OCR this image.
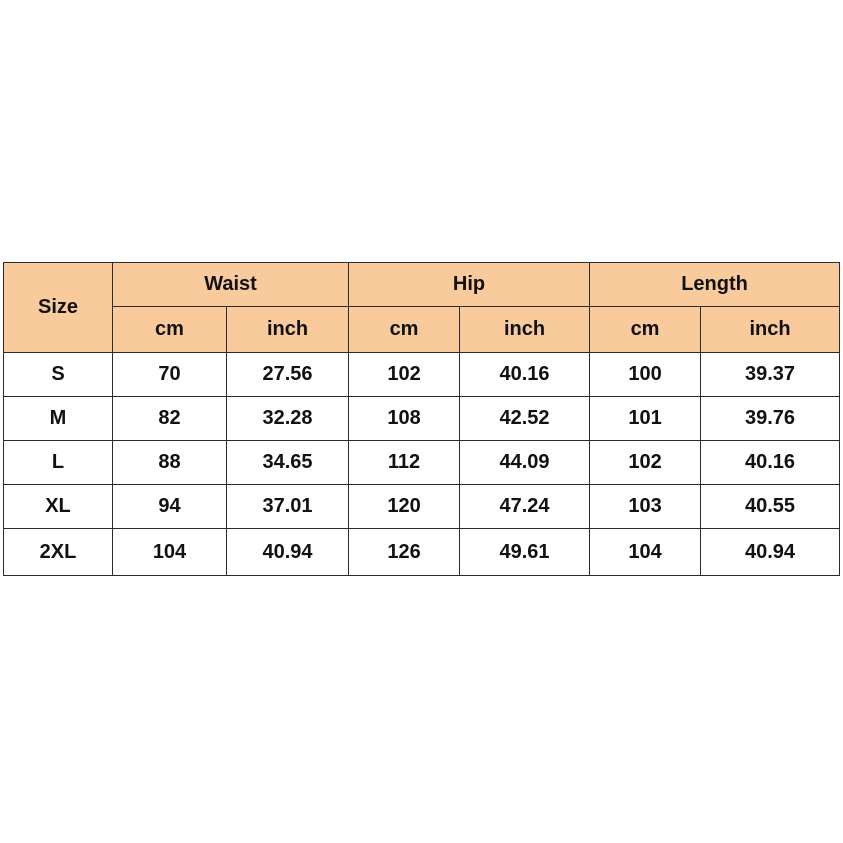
Size	Waist		Hip		Length	
	cm	inch	cm	inch	cm	inch
S	70	27.56	102	40.16	100	39.37
M	82	32.28	108	42.52	101	39.76
L	88	34.65	112	44.09	102	40.16
XL	94	37.01	120	47.24	103	40.55
2XL	104	40.94	126	49.61	104	40.94
